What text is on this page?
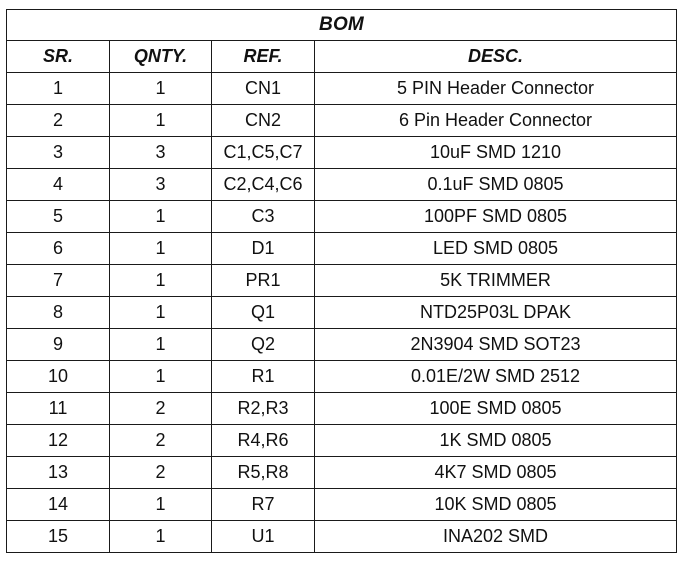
BOM			
SR.	QNTY.	REF.	DESC.
1	1	CN1	5 PIN Header Connector
2	1	CN2	6 Pin Header Connector
3	3	C1,C5,C7	10uF SMD 1210
4	3	C2,C4,C6	0.1uF SMD 0805
5	1	C3	100PF SMD 0805
6	1	D1	LED SMD 0805
7	1	PR1	5K TRIMMER
8	1	Q1	NTD25P03L DPAK
9	1	Q2	2N3904 SMD SOT23
10	1	R1	0.01E/2W SMD 2512
11	2	R2,R3	100E SMD 0805
12	2	R4,R6	1K SMD 0805
13	2	R5,R8	4K7 SMD 0805
14	1	R7	10K SMD 0805
15	1	U1	INA202 SMD
